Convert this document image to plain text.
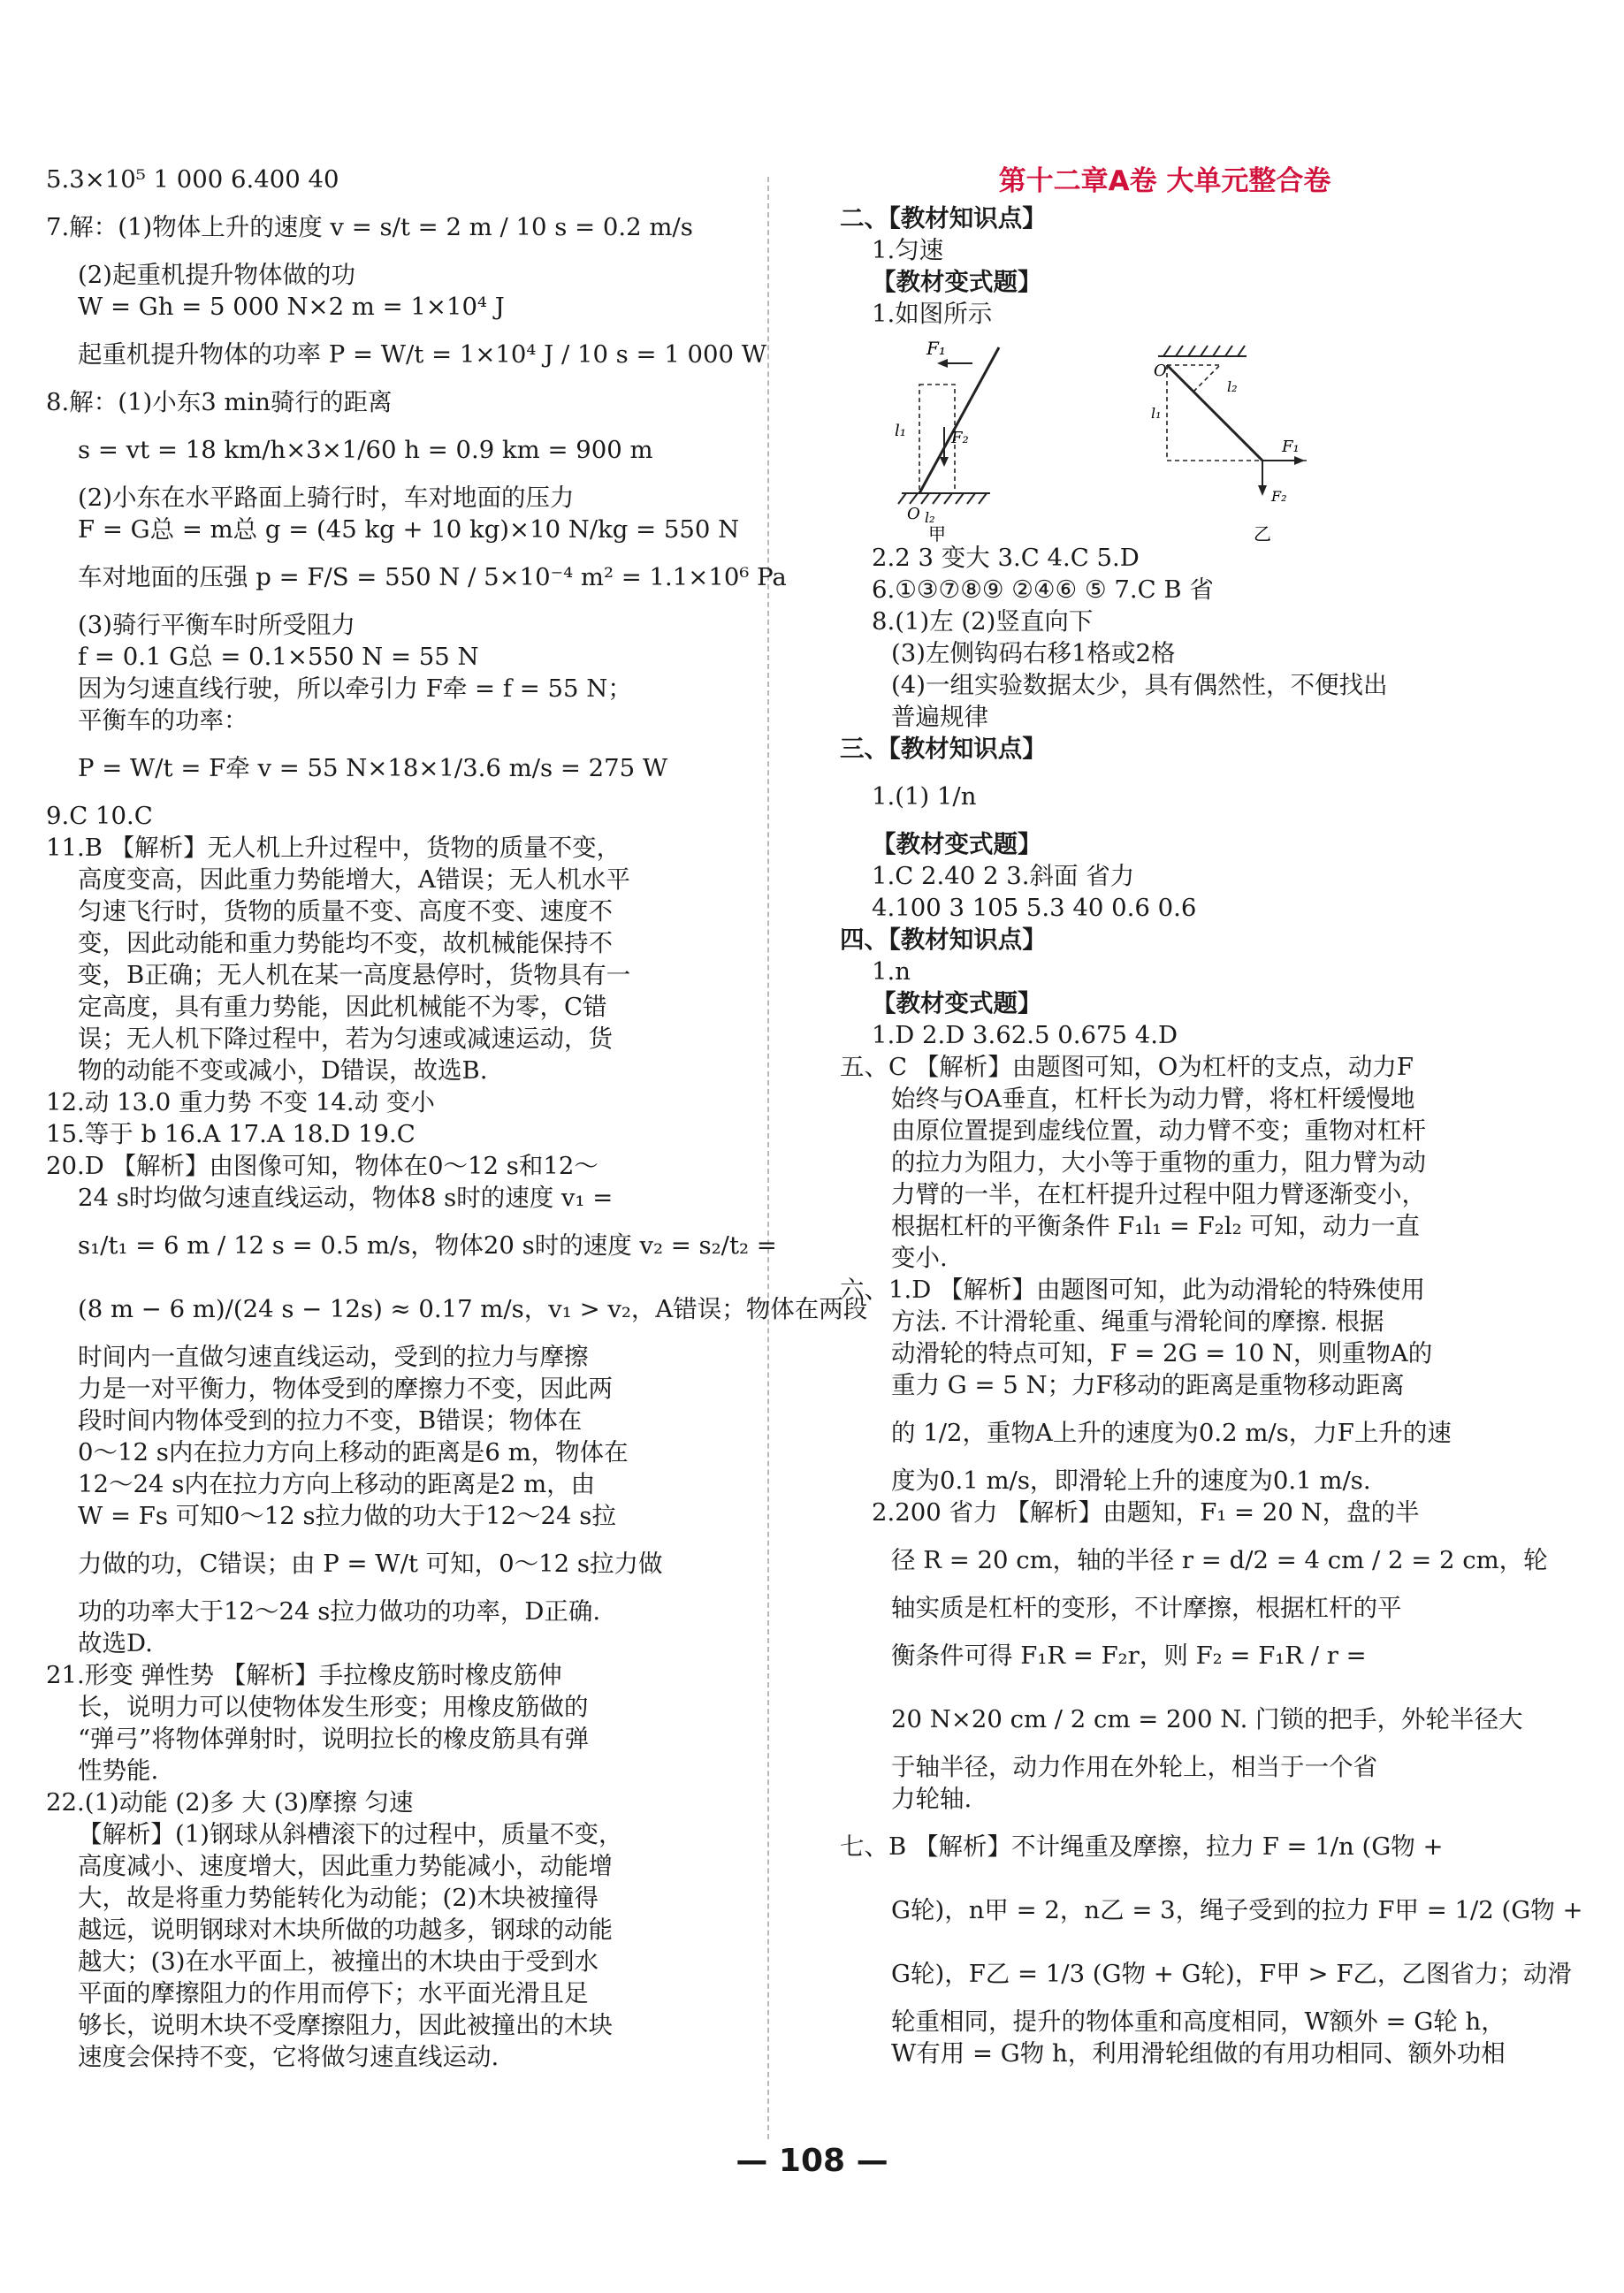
5.3×10⁵ 1 000 6.400 40
7.解：(1)物体上升的速度 v = s/t = 2 m / 10 s = 0.2 m/s
(2)起重机提升物体做的功
W = Gh = 5 000 N×2 m = 1×10⁴ J
起重机提升物体的功率 P = W/t = 1×10⁴ J / 10 s = 1 000 W
8.解：(1)小东3 min骑行的距离
s = vt = 18 km/h×3×1/60 h = 0.9 km = 900 m
(2)小东在水平路面上骑行时，车对地面的压力
F = G总 = m总 g = (45 kg + 10 kg)×10 N/kg = 550 N
车对地面的压强 p = F/S = 550 N / 5×10⁻⁴ m² = 1.1×10⁶ Pa
(3)骑行平衡车时所受阻力
f = 0.1 G总 = 0.1×550 N = 55 N
因为匀速直线行驶，所以牵引力 F牵 = f = 55 N；
平衡车的功率：
P = W/t = F牵 v = 55 N×18×1/3.6 m/s = 275 W
9.C 10.C
11.B 【解析】无人机上升过程中，货物的质量不变，
高度变高，因此重力势能增大，A错误；无人机水平
匀速飞行时，货物的质量不变、高度不变、速度不
变，因此动能和重力势能均不变，故机械能保持不
变，B正确；无人机在某一高度悬停时，货物具有一
定高度，具有重力势能，因此机械能不为零，C错
误；无人机下降过程中，若为匀速或减速运动，货
物的动能不变或减小，D错误，故选B.
12.动 13.0 重力势 不变 14.动 变小
15.等于 b 16.A 17.A 18.D 19.C
20.D 【解析】由图像可知，物体在0～12 s和12～
24 s时均做匀速直线运动，物体8 s时的速度 v₁ =
s₁/t₁ = 6 m / 12 s = 0.5 m/s，物体20 s时的速度 v₂ = s₂/t₂ =
(8 m − 6 m)/(24 s − 12s) ≈ 0.17 m/s，v₁ > v₂，A错误；物体在两段
时间内一直做匀速直线运动，受到的拉力与摩擦
力是一对平衡力，物体受到的摩擦力不变，因此两
段时间内物体受到的拉力不变，B错误；物体在
0～12 s内在拉力方向上移动的距离是6 m，物体在
12～24 s内在拉力方向上移动的距离是2 m，由
W = Fs 可知0～12 s拉力做的功大于12～24 s拉
力做的功，C错误；由 P = W/t 可知，0～12 s拉力做
功的功率大于12～24 s拉力做功的功率，D正确.
故选D.
21.形变 弹性势 【解析】手拉橡皮筋时橡皮筋伸
长，说明力可以使物体发生形变；用橡皮筋做的
“弹弓”将物体弹射时，说明拉长的橡皮筋具有弹
性势能.
22.(1)动能 (2)多 大 (3)摩擦 匀速
【解析】(1)钢球从斜槽滚下的过程中，质量不变，
高度减小、速度增大，因此重力势能减小，动能增
大，故是将重力势能转化为动能；(2)木块被撞得
越远，说明钢球对木块所做的功越多，钢球的动能
越大；(3)在水平面上，被撞出的木块由于受到水
平面的摩擦阻力的作用而停下；水平面光滑且足
够长，说明木块不受摩擦阻力，因此被撞出的木块
速度会保持不变，它将做匀速直线运动.
第十二章A卷 大单元整合卷
二、【教材知识点】
1.匀速
【教材变式题】
1.如图所示
F₁
F₂
l₁
O l₂
甲
O
l₂
l₁
F₁
F₂
乙
2.2 3 变大 3.C 4.C 5.D
6.①③⑦⑧⑨ ②④⑥ ⑤ 7.C B 省
8.(1)左 (2)竖直向下
(3)左侧钩码右移1格或2格
(4)一组实验数据太少，具有偶然性，不便找出
普遍规律
三、【教材知识点】
1.(1) 1/n
【教材变式题】
1.C 2.40 2 3.斜面 省力
4.100 3 105 5.3 40 0.6 0.6
四、【教材知识点】
1.n
【教材变式题】
1.D 2.D 3.62.5 0.675 4.D
五、C 【解析】由题图可知，O为杠杆的支点，动力F
始终与OA垂直，杠杆长为动力臂，将杠杆缓慢地
由原位置提到虚线位置，动力臂不变；重物对杠杆
的拉力为阻力，大小等于重物的重力，阻力臂为动
力臂的一半，在杠杆提升过程中阻力臂逐渐变小，
根据杠杆的平衡条件 F₁l₁ = F₂l₂ 可知，动力一直
变小.
六、1.D 【解析】由题图可知，此为动滑轮的特殊使用
方法. 不计滑轮重、绳重与滑轮间的摩擦. 根据
动滑轮的特点可知，F = 2G = 10 N，则重物A的
重力 G = 5 N；力F移动的距离是重物移动距离
的 1/2，重物A上升的速度为0.2 m/s，力F上升的速
度为0.1 m/s，即滑轮上升的速度为0.1 m/s.
2.200 省力 【解析】由题知，F₁ = 20 N，盘的半
径 R = 20 cm，轴的半径 r = d/2 = 4 cm / 2 = 2 cm，轮
轴实质是杠杆的变形，不计摩擦，根据杠杆的平
衡条件可得 F₁R = F₂r，则 F₂ = F₁R / r =
20 N×20 cm / 2 cm = 200 N. 门锁的把手，外轮半径大
于轴半径，动力作用在外轮上，相当于一个省
力轮轴.
七、B 【解析】不计绳重及摩擦，拉力 F = 1/n (G物 +
G轮)，n甲 = 2，n乙 = 3，绳子受到的拉力 F甲 = 1/2 (G物 +
G轮)，F乙 = 1/3 (G物 + G轮)，F甲 > F乙，乙图省力；动滑
轮重相同，提升的物体重和高度相同，W额外 = G轮 h，
W有用 = G物 h，利用滑轮组做的有用功相同、额外功相
— 108 —
